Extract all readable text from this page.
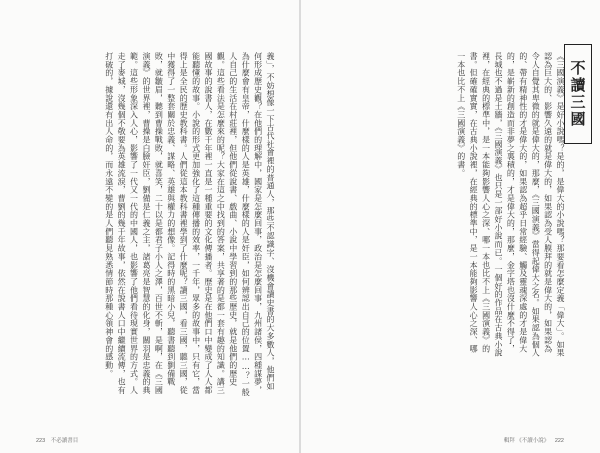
義」，不妨想像一下古代社會裡的普通人，那些不認識字、沒機會讀史書的大多數人，他們如何形成歷史觀？在他們的理解中，國家是怎麼回事，政治是怎麼回事，九州諸侯，四種謀夢，為什麼會有皇帝，什麼樣的人是英雄，什麼樣的人是奸臣，如何辨認出自己的位置……？一般人自己的生活在村莊裡，但他們從說書、戲曲、小說中學習到的那些歷史，就是他們的歷史觀。這些看法是怎麼來的呢？大家在這之中找到的答案，共享著的是都一套有趣的知識。講三國故事的說書人，在數千年裡一直是一種重要的文化傳播者。歷史是在他們口中變成了人人都能聽懂的故事。小說的形式更加強化了這種傳播的效率，一千年，眾多的故事中，只有它，當得上是全民的歷史教科書。人們從這本教科書裡學到了什麼呢？讀三國，看三國，聽三國，從中獲得了一整套關於忠義、謀略、英雄與權力的想像。記得時的黑暗小兒，聽書聽到劉備戰敗，就皺眉，聽到曹操戰敗，就喜笑，二十以是都君子小人之澤，百世不斬，是啊，在《三國演義》的世界裡，曹操是白臉奸臣，劉備是仁義之主，諸葛亮是智慧的化身，關羽是忠義的典範。這些形象深入人心，影響了一代又一代的中國人，也影響了他們看待現實世界的方式。人走了麥城，沒幾個不敬要為英雄流淚，曹劉的幾千年故事，依然在說書人口中繼續流傳，也有打破的，據說還有出人命的，而永遠不變的是人們聽見熟悉情節時那種心領神會的感動。
223 不必讀書目
不讀三國
《三國演義》是好小說嗎？是的，是偉大的小說嗎？那要看怎麼定義「偉大」。如果認為巨大的、影響久遠的就是偉大的，如果認為受人膜拜的就是偉大的，如果認為令人自覺其卑微的就是偉大的，那麼，《三國演義》當得起偉大之名。如果認為個人的、帶有精神性的才是偉大的，如果認為超乎日常經驗、觸及靈魂深處的才是偉大的，是嶄新的創造而非夢之裏積的，才是偉大的，那麼，金字塔也沒什麼不得了，長城也不過是土牆，《三國演義》也只是一部好小說而已。一個好的作品在古典小說裡，在經典的標準中，是一本能夠影響人心之深、哪一本也比不上《三國演義》的書。但確確實實，在古典小說裡，在經典的標準中，是一本能夠影響人心之深、哪一本也比不上《三國演義》的書。
輯拜 《不讀小說》 222
